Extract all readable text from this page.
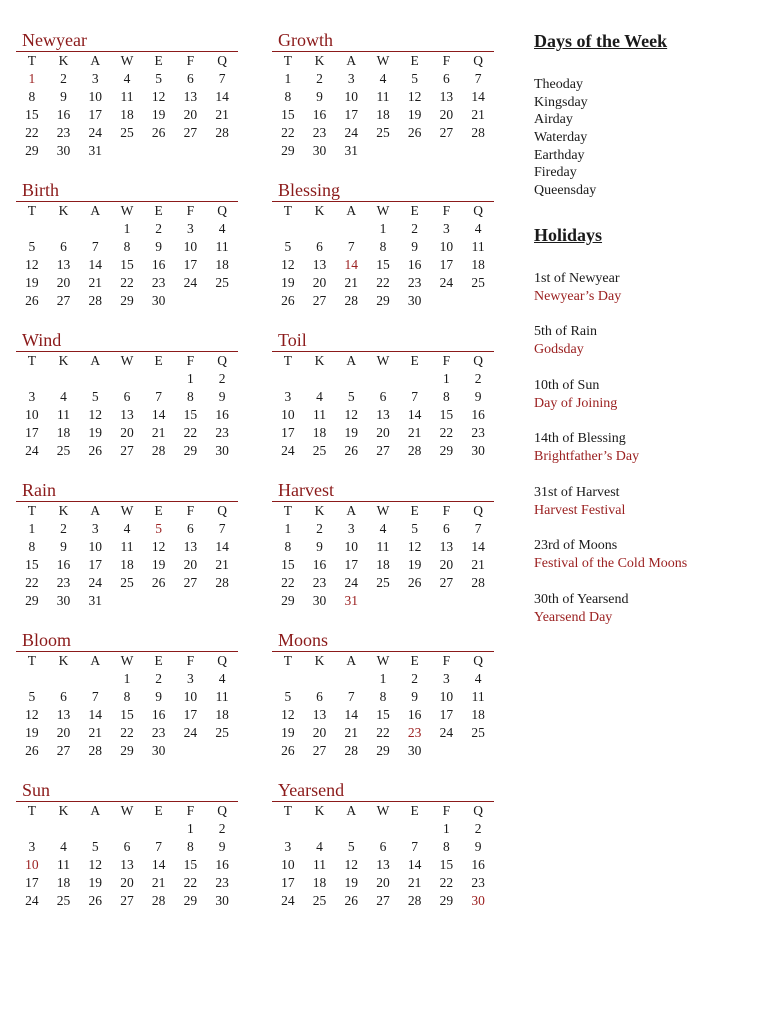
Newyear
T	K	A	W	E	F	Q
1	2	3	4	5	6	7
8	9	10	11	12	13	14
15	16	17	18	19	20	21
22	23	24	25	26	27	28
29	30	31				
Growth
T	K	A	W	E	F	Q
1	2	3	4	5	6	7
8	9	10	11	12	13	14
15	16	17	18	19	20	21
22	23	24	25	26	27	28
29	30	31				
Birth
T	K	A	W	E	F	Q
			1	2	3	4
5	6	7	8	9	10	11
12	13	14	15	16	17	18
19	20	21	22	23	24	25
26	27	28	29	30		
Blessing
T	K	A	W	E	F	Q
			1	2	3	4
5	6	7	8	9	10	11
12	13	14	15	16	17	18
19	20	21	22	23	24	25
26	27	28	29	30		
Wind
T	K	A	W	E	F	Q
					1	2
3	4	5	6	7	8	9
10	11	12	13	14	15	16
17	18	19	20	21	22	23
24	25	26	27	28	29	30
Toil
T	K	A	W	E	F	Q
					1	2
3	4	5	6	7	8	9
10	11	12	13	14	15	16
17	18	19	20	21	22	23
24	25	26	27	28	29	30
Rain
T	K	A	W	E	F	Q
1	2	3	4	5	6	7
8	9	10	11	12	13	14
15	16	17	18	19	20	21
22	23	24	25	26	27	28
29	30	31				
Harvest
T	K	A	W	E	F	Q
1	2	3	4	5	6	7
8	9	10	11	12	13	14
15	16	17	18	19	20	21
22	23	24	25	26	27	28
29	30	31				
Bloom
T	K	A	W	E	F	Q
			1	2	3	4
5	6	7	8	9	10	11
12	13	14	15	16	17	18
19	20	21	22	23	24	25
26	27	28	29	30		
Moons
T	K	A	W	E	F	Q
			1	2	3	4
5	6	7	8	9	10	11
12	13	14	15	16	17	18
19	20	21	22	23	24	25
26	27	28	29	30		
Sun
T	K	A	W	E	F	Q
					1	2
3	4	5	6	7	8	9
10	11	12	13	14	15	16
17	18	19	20	21	22	23
24	25	26	27	28	29	30
Yearsend
T	K	A	W	E	F	Q
					1	2
3	4	5	6	7	8	9
10	11	12	13	14	15	16
17	18	19	20	21	22	23
24	25	26	27	28	29	30
Days of the Week
Theoday
Kingsday
Airday
Waterday
Earthday
Fireday
Queensday
Holidays
1st of Newyear
Newyear’s Day
5th of Rain
Godsday
10th of Sun
Day of Joining
14th of Blessing
Brightfather’s Day
31st of Harvest
Harvest Festival
23rd of Moons
Festival of the Cold Moons
30th of Yearsend
Yearsend Day
